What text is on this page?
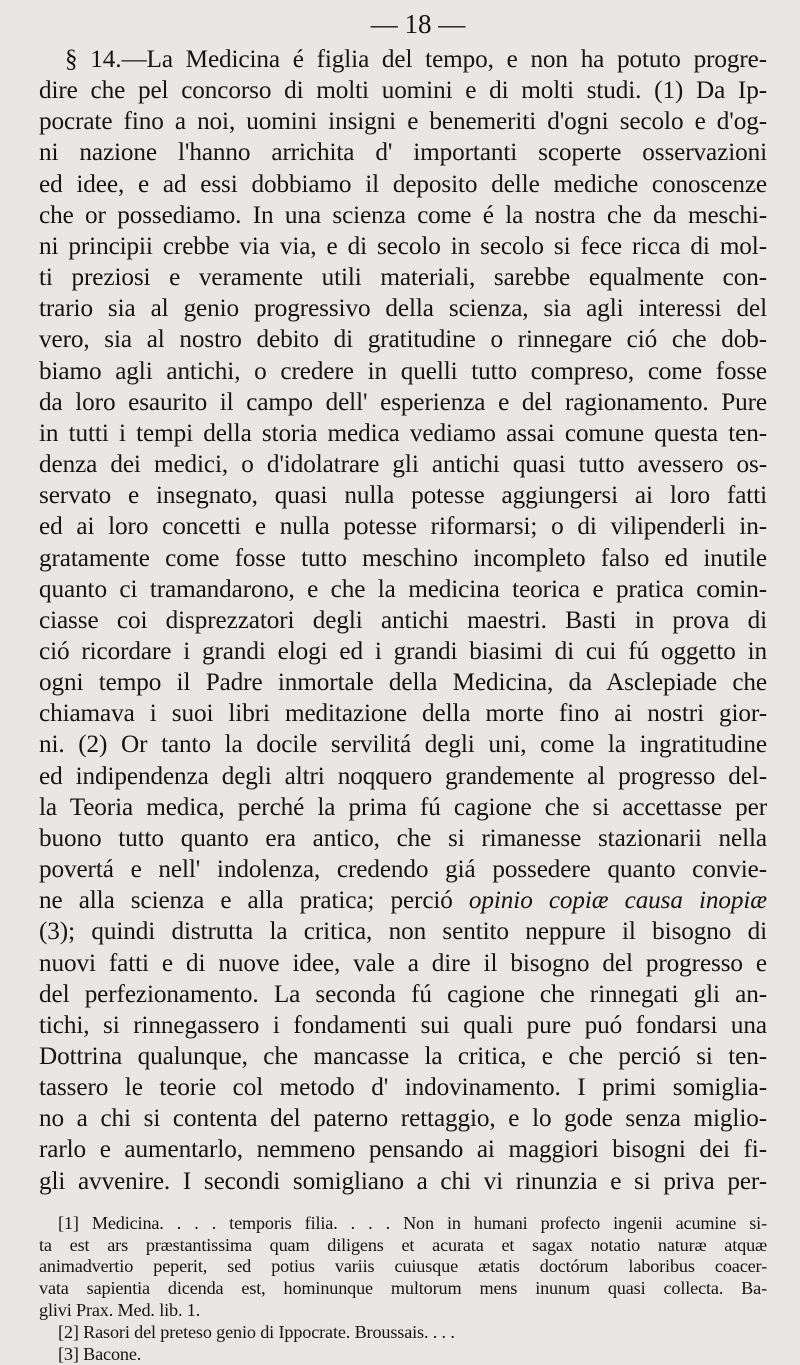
— 18 —
§ 14.—La Medicina é figlia del tempo, e non ha potuto progre-
dire che pel concorso di molti uomini e di molti studi. (1) Da Ip-
pocrate fino a noi, uomini insigni e benemeriti d'ogni secolo e d'og-
ni nazione l'hanno arrichita d' importanti scoperte osservazioni
ed idee, e ad essi dobbiamo il deposito delle mediche conoscenze
che or possediamo. In una scienza come é la nostra che da meschi-
ni principii crebbe via via, e di secolo in secolo si fece ricca di mol-
ti preziosi e veramente utili materiali, sarebbe equalmente con-
trario sia al genio progressivo della scienza, sia agli interessi del
vero, sia al nostro debito di gratitudine o rinnegare ció che dob-
biamo agli antichi, o credere in quelli tutto compreso, come fosse
da loro esaurito il campo dell' esperienza e del ragionamento. Pure
in tutti i tempi della storia medica vediamo assai comune questa ten-
denza dei medici, o d'idolatrare gli antichi quasi tutto avessero os-
servato e insegnato, quasi nulla potesse aggiungersi ai loro fatti
ed ai loro concetti e nulla potesse riformarsi; o di vilipenderli in-
gratamente come fosse tutto meschino incompleto falso ed inutile
quanto ci tramandarono, e che la medicina teorica e pratica comin-
ciasse coi disprezzatori degli antichi maestri. Basti in prova di
ció ricordare i grandi elogi ed i grandi biasimi di cui fú oggetto in
ogni tempo il Padre inmortale della Medicina, da Asclepiade che
chiamava i suoi libri meditazione della morte fino ai nostri gior-
ni. (2) Or tanto la docile servilitá degli uni, come la ingratitudine
ed indipendenza degli altri noqquero grandemente al progresso del-
la Teoria medica, perché la prima fú cagione che si accettasse per
buono tutto quanto era antico, che si rimanesse stazionarii nella
povertá e nell' indolenza, credendo giá possedere quanto convie-
ne alla scienza e alla pratica; perció opinio copiæ causa inopiæ
(3); quindi distrutta la critica, non sentito neppure il bisogno di
nuovi fatti e di nuove idee, vale a dire il bisogno del progresso e
del perfezionamento. La seconda fú cagione che rinnegati gli an-
tichi, si rinnegassero i fondamenti sui quali pure puó fondarsi una
Dottrina qualunque, che mancasse la critica, e che perció si ten-
tassero le teorie col metodo d' indovinamento. I primi somiglia-
no a chi si contenta del paterno rettaggio, e lo gode senza miglio-
rarlo e aumentarlo, nemmeno pensando ai maggiori bisogni dei fi-
gli avvenire. I secondi somigliano a chi vi rinunzia e si priva per-
[1] Medicina. . . . temporis filia. . . . Non in humani profecto ingenii acumine si-
ta est ars præstantissima quam diligens et acurata et sagax notatio naturæ atquæ
animadvertio peperit, sed potius variis cuiusque ætatis doctórum laboribus coacer-
vata sapientia dicenda est, hominunque multorum mens inunum quasi collecta. Ba-
glivi Prax. Med. lib. 1.
[2] Rasori del preteso genio di Ippocrate. Broussais. . . .
[3] Bacone.
